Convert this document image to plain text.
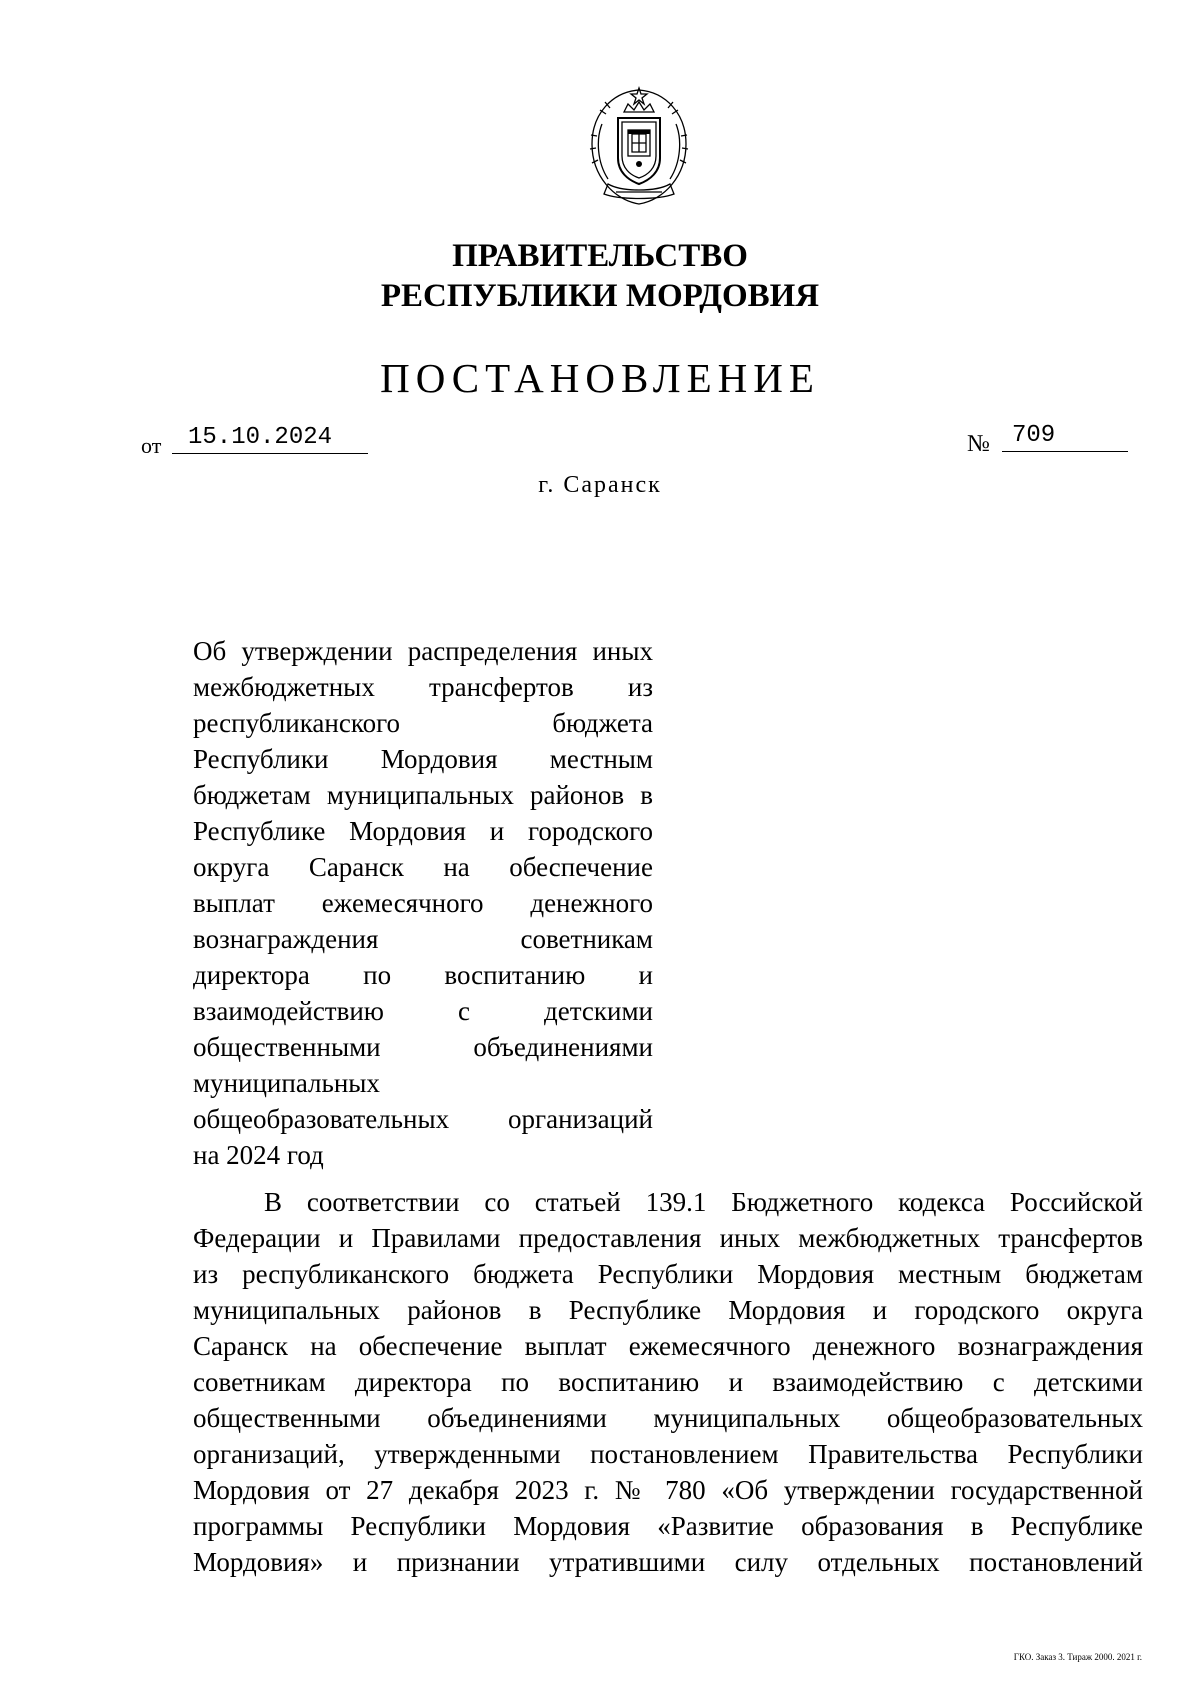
ПРАВИТЕЛЬСТВО
РЕСПУБЛИКИ МОРДОВИЯ
ПОСТАНОВЛЕНИЕ
от	15.10.2024	№ 709
г. Саранск
Об утверждении распределения иных
межбюджетных трансфертов из
республиканского бюджета
Республики Мордовия местным
бюджетам муниципальных районов в
Республике Мордовия и городского
округа Саранск на обеспечение
выплат ежемесячного денежного
вознаграждения советникам
директора по воспитанию и
взаимодействию с детскими
общественными объединениями
муниципальных
общеобразовательных организаций
на 2024 год
В соответствии со статьей 139.1 Бюджетного кодекса Российской
Федерации и Правилами предоставления иных межбюджетных трансфертов
из республиканского бюджета Республики Мордовия местным бюджетам
муниципальных районов в Республике Мордовия и городского округа
Саранск на обеспечение выплат ежемесячного денежного вознаграждения
советникам директора по воспитанию и взаимодействию с детскими
общественными объединениями муниципальных общеобразовательных
организаций, утвержденными постановлением Правительства Республики
Мордовия от 27 декабря 2023 г. № 780 «Об утверждении государственной
программы Республики Мордовия «Развитие образования в Республике
Мордовия» и признании утратившими силу отдельных постановлений
ГКО. Заказ 3. Тираж 2000. 2021 г.
